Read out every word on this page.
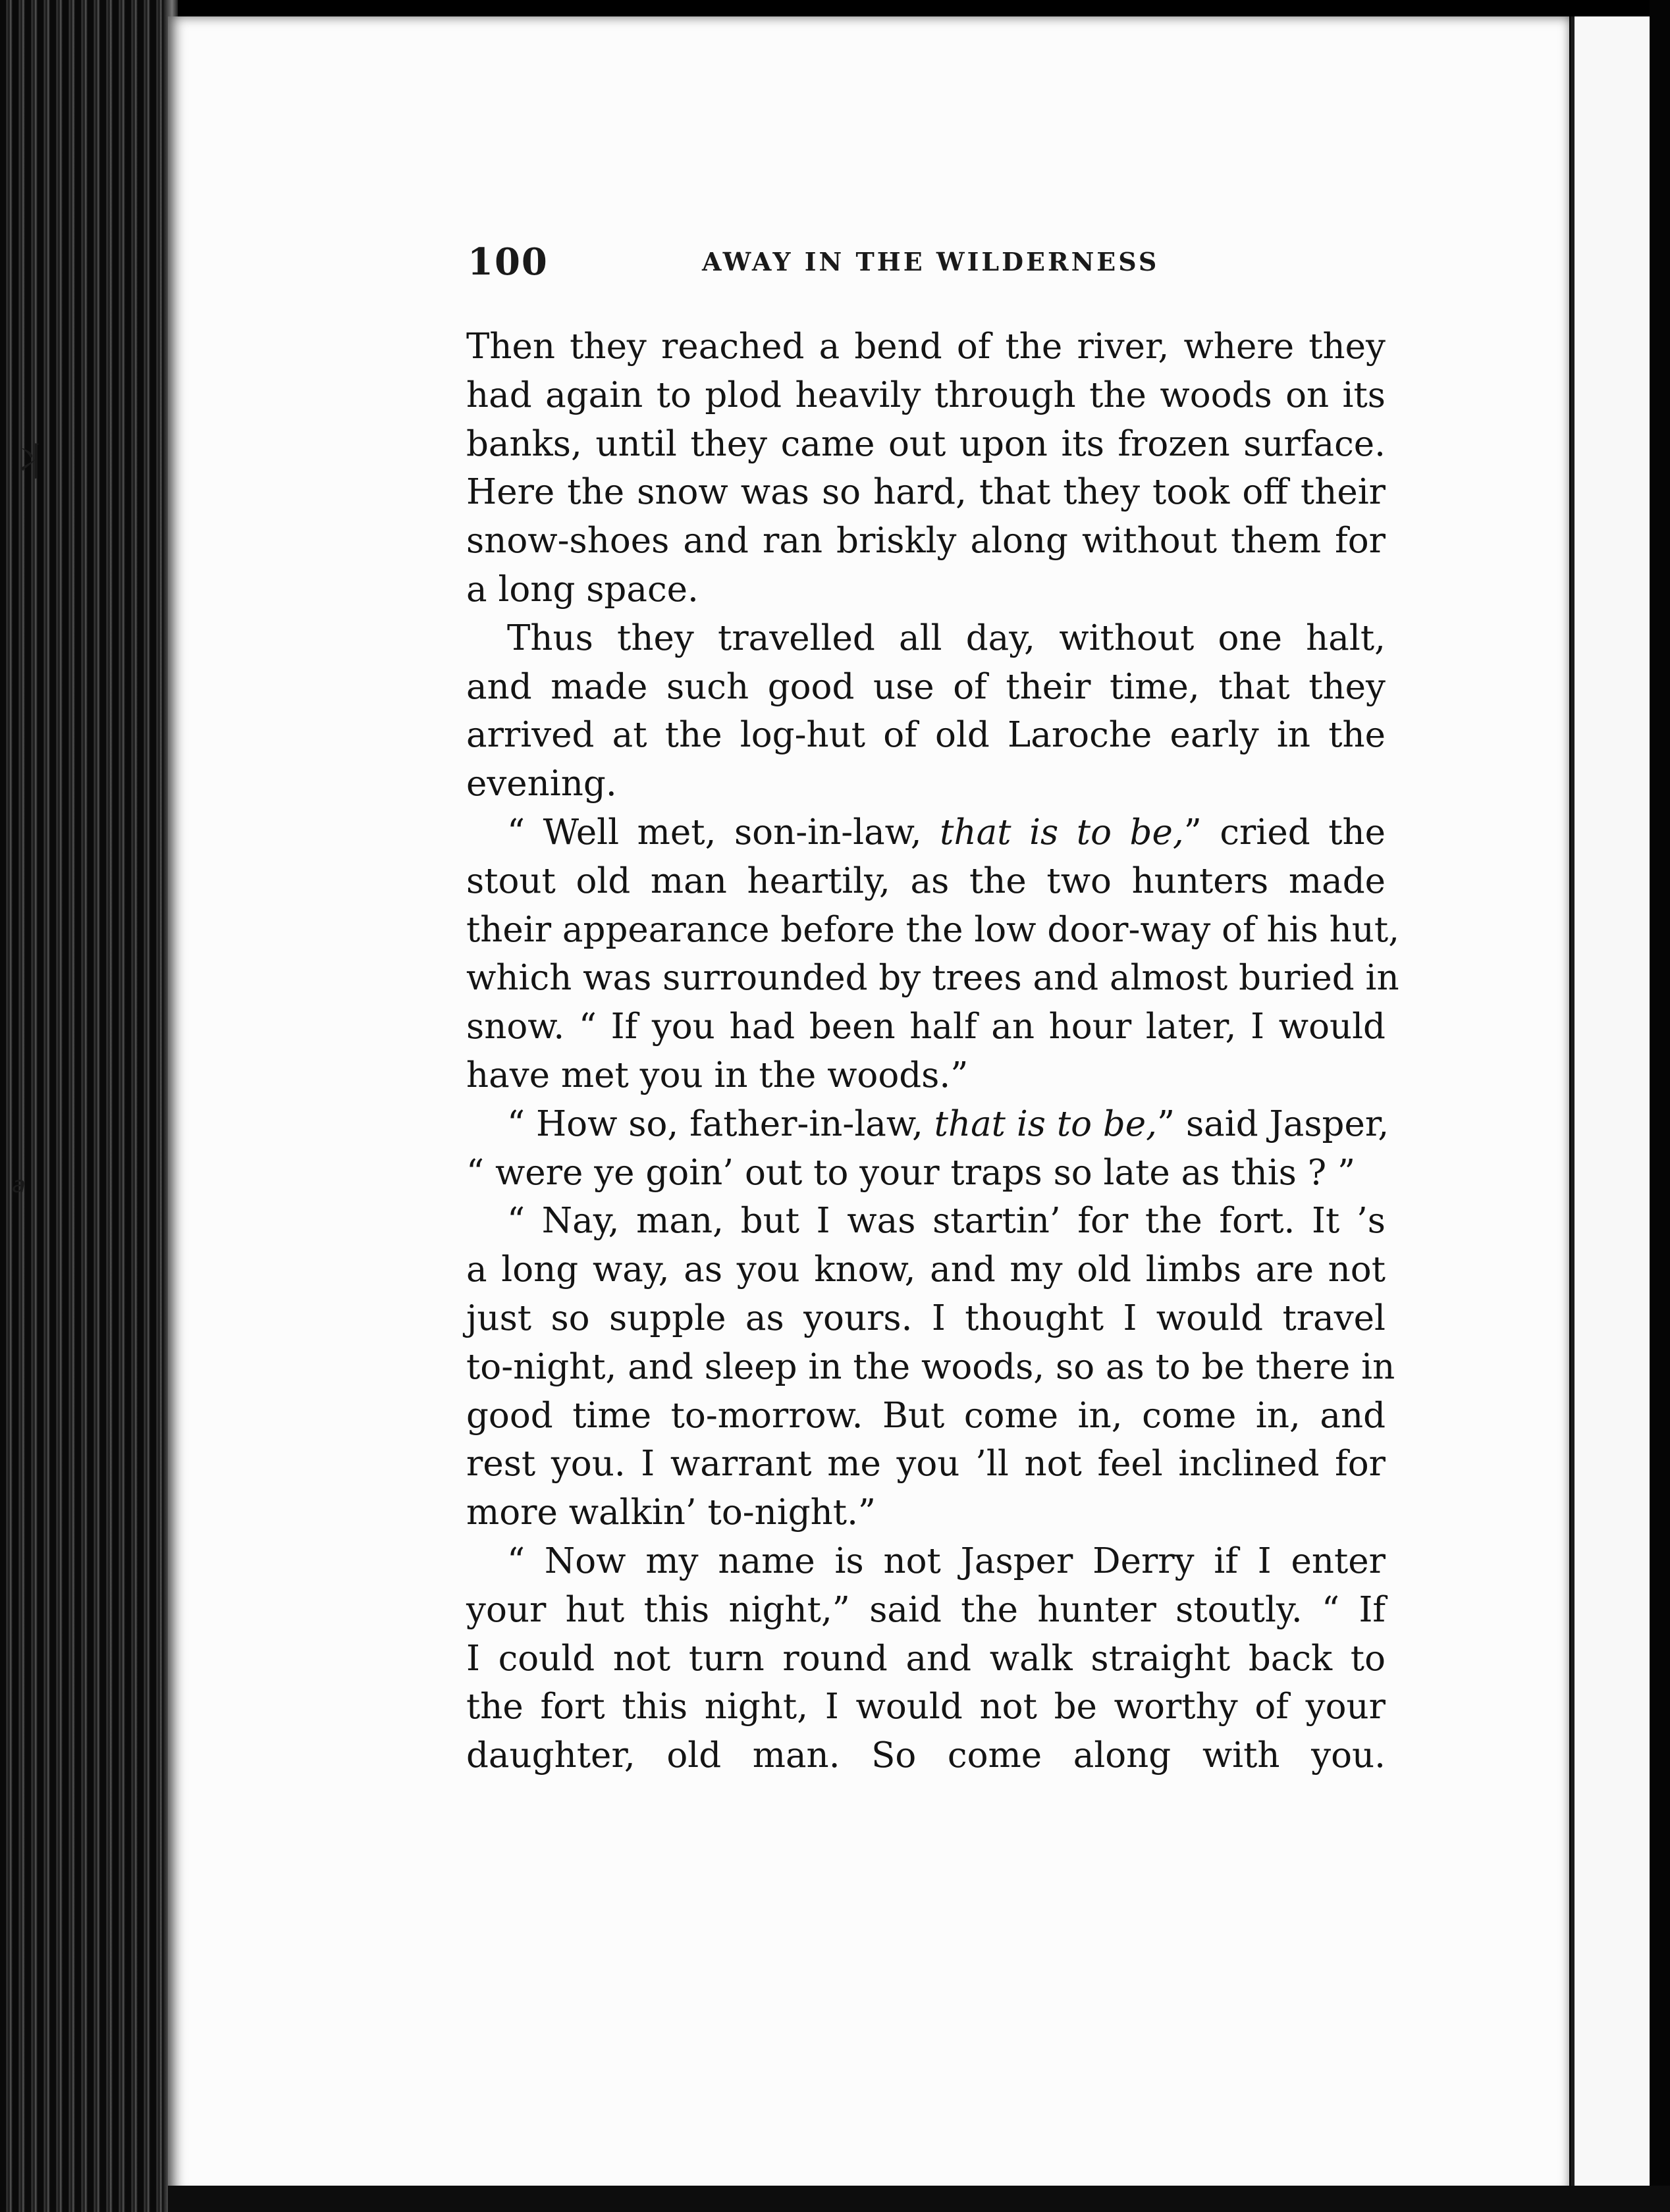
⺦
a
100	AWAY IN THE WILDERNESS
Then they reached a bend of the river, where they
had again to plod heavily through the woods on its
banks, until they came out upon its frozen surface.
Here the snow was so hard, that they took off their
snow-shoes and ran briskly along without them for
a long space.
Thus they travelled all day, without one halt,
and made such good use of their time, that they
arrived at the log-hut of old Laroche early in the
evening.
“ Well met, son-in-law, that is to be,” cried the
stout old man heartily, as the two hunters made
their appearance before the low door-way of his hut,
which was surrounded by trees and almost buried in
snow. “ If you had been half an hour later, I would
have met you in the woods.”
“ How so, father-in-law, that is to be,” said Jasper,
“ were ye goin’ out to your traps so late as this ? ”
“ Nay, man, but I was startin’ for the fort. It ’s
a long way, as you know, and my old limbs are not
just so supple as yours. I thought I would travel
to-night, and sleep in the woods, so as to be there in
good time to-morrow. But come in, come in, and
rest you. I warrant me you ’ll not feel inclined for
more walkin’ to-night.”
“ Now my name is not Jasper Derry if I enter
your hut this night,” said the hunter stoutly. “ If
I could not turn round and walk straight back to
the fort this night, I would not be worthy of your
daughter, old man. So come along with you.
